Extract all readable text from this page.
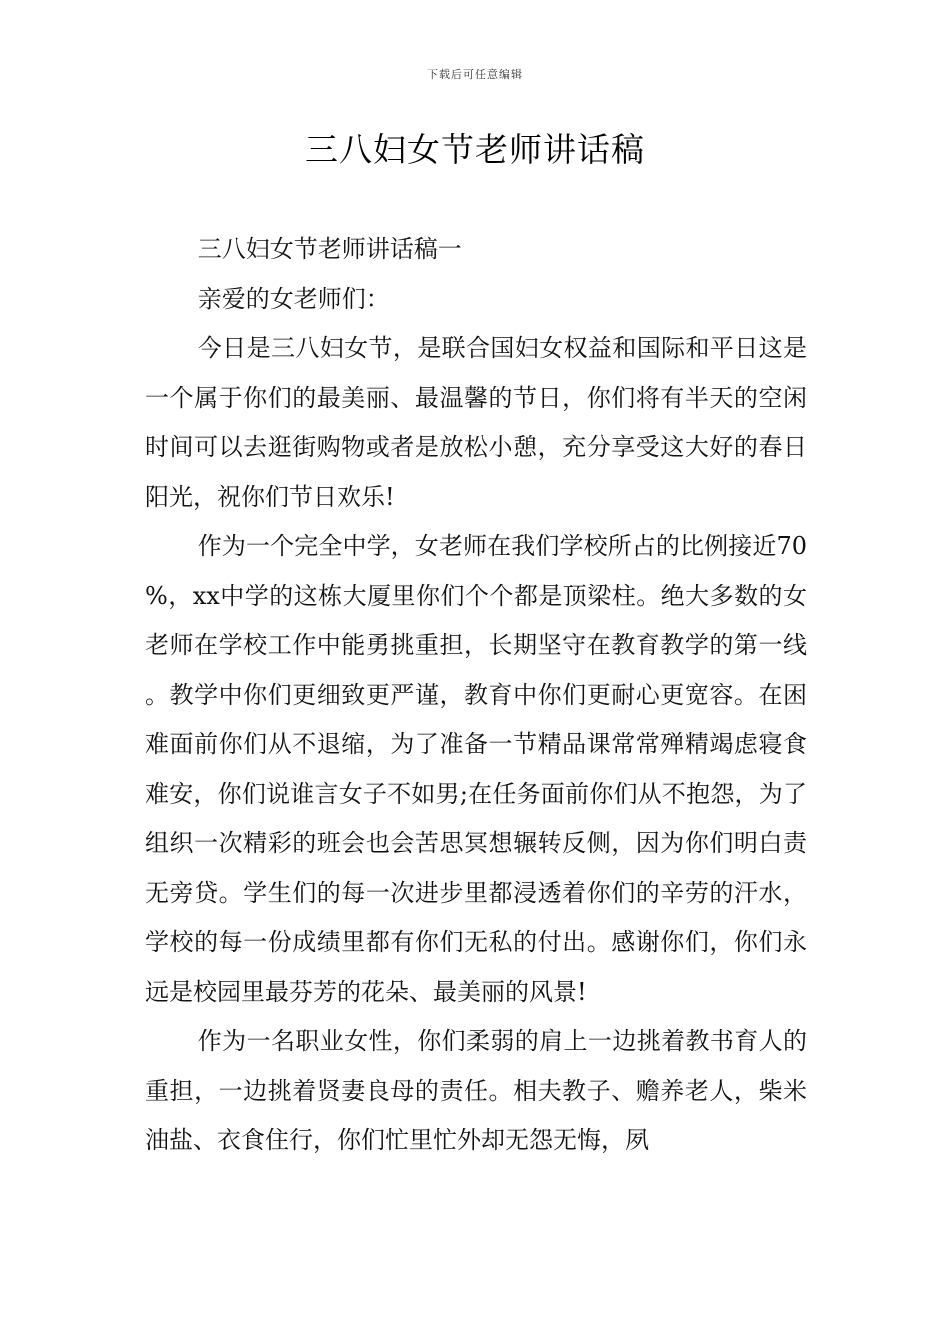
下载后可任意编辑
三八妇女节老师讲话稿

三八妇女节老师讲话稿一

亲爱的女老师们：

今日是三八妇女节，是联合国妇女权益和国际和平日这是一个属于你们的最美丽、最温馨的节日，你们将有半天的空闲时间可以去逛街购物或者是放松小憩，充分享受这大好的春日阳光，祝你们节日欢乐!

作为一个完全中学，女老师在我们学校所占的比例接近70%，xx中学的这栋大厦里你们个个都是顶梁柱。绝大多数的女老师在学校工作中能勇挑重担，长期坚守在教育教学的第一线。教学中你们更细致更严谨，教育中你们更耐心更宽容。在困难面前你们从不退缩，为了准备一节精品课常常殚精竭虑寝食难安，你们说谁言女子不如男;在任务面前你们从不抱怨，为了组织一次精彩的班会也会苦思冥想辗转反侧，因为你们明白责无旁贷。学生们的每一次进步里都浸透着你们的辛劳的汗水，学校的每一份成绩里都有你们无私的付出。感谢你们，你们永远是校园里最芬芳的花朵、最美丽的风景!

作为一名职业女性，你们柔弱的肩上一边挑着教书育人的重担，一边挑着贤妻良母的责任。相夫教子、赡养老人，柴米油盐、衣食住行，你们忙里忙外却无怨无悔，夙
